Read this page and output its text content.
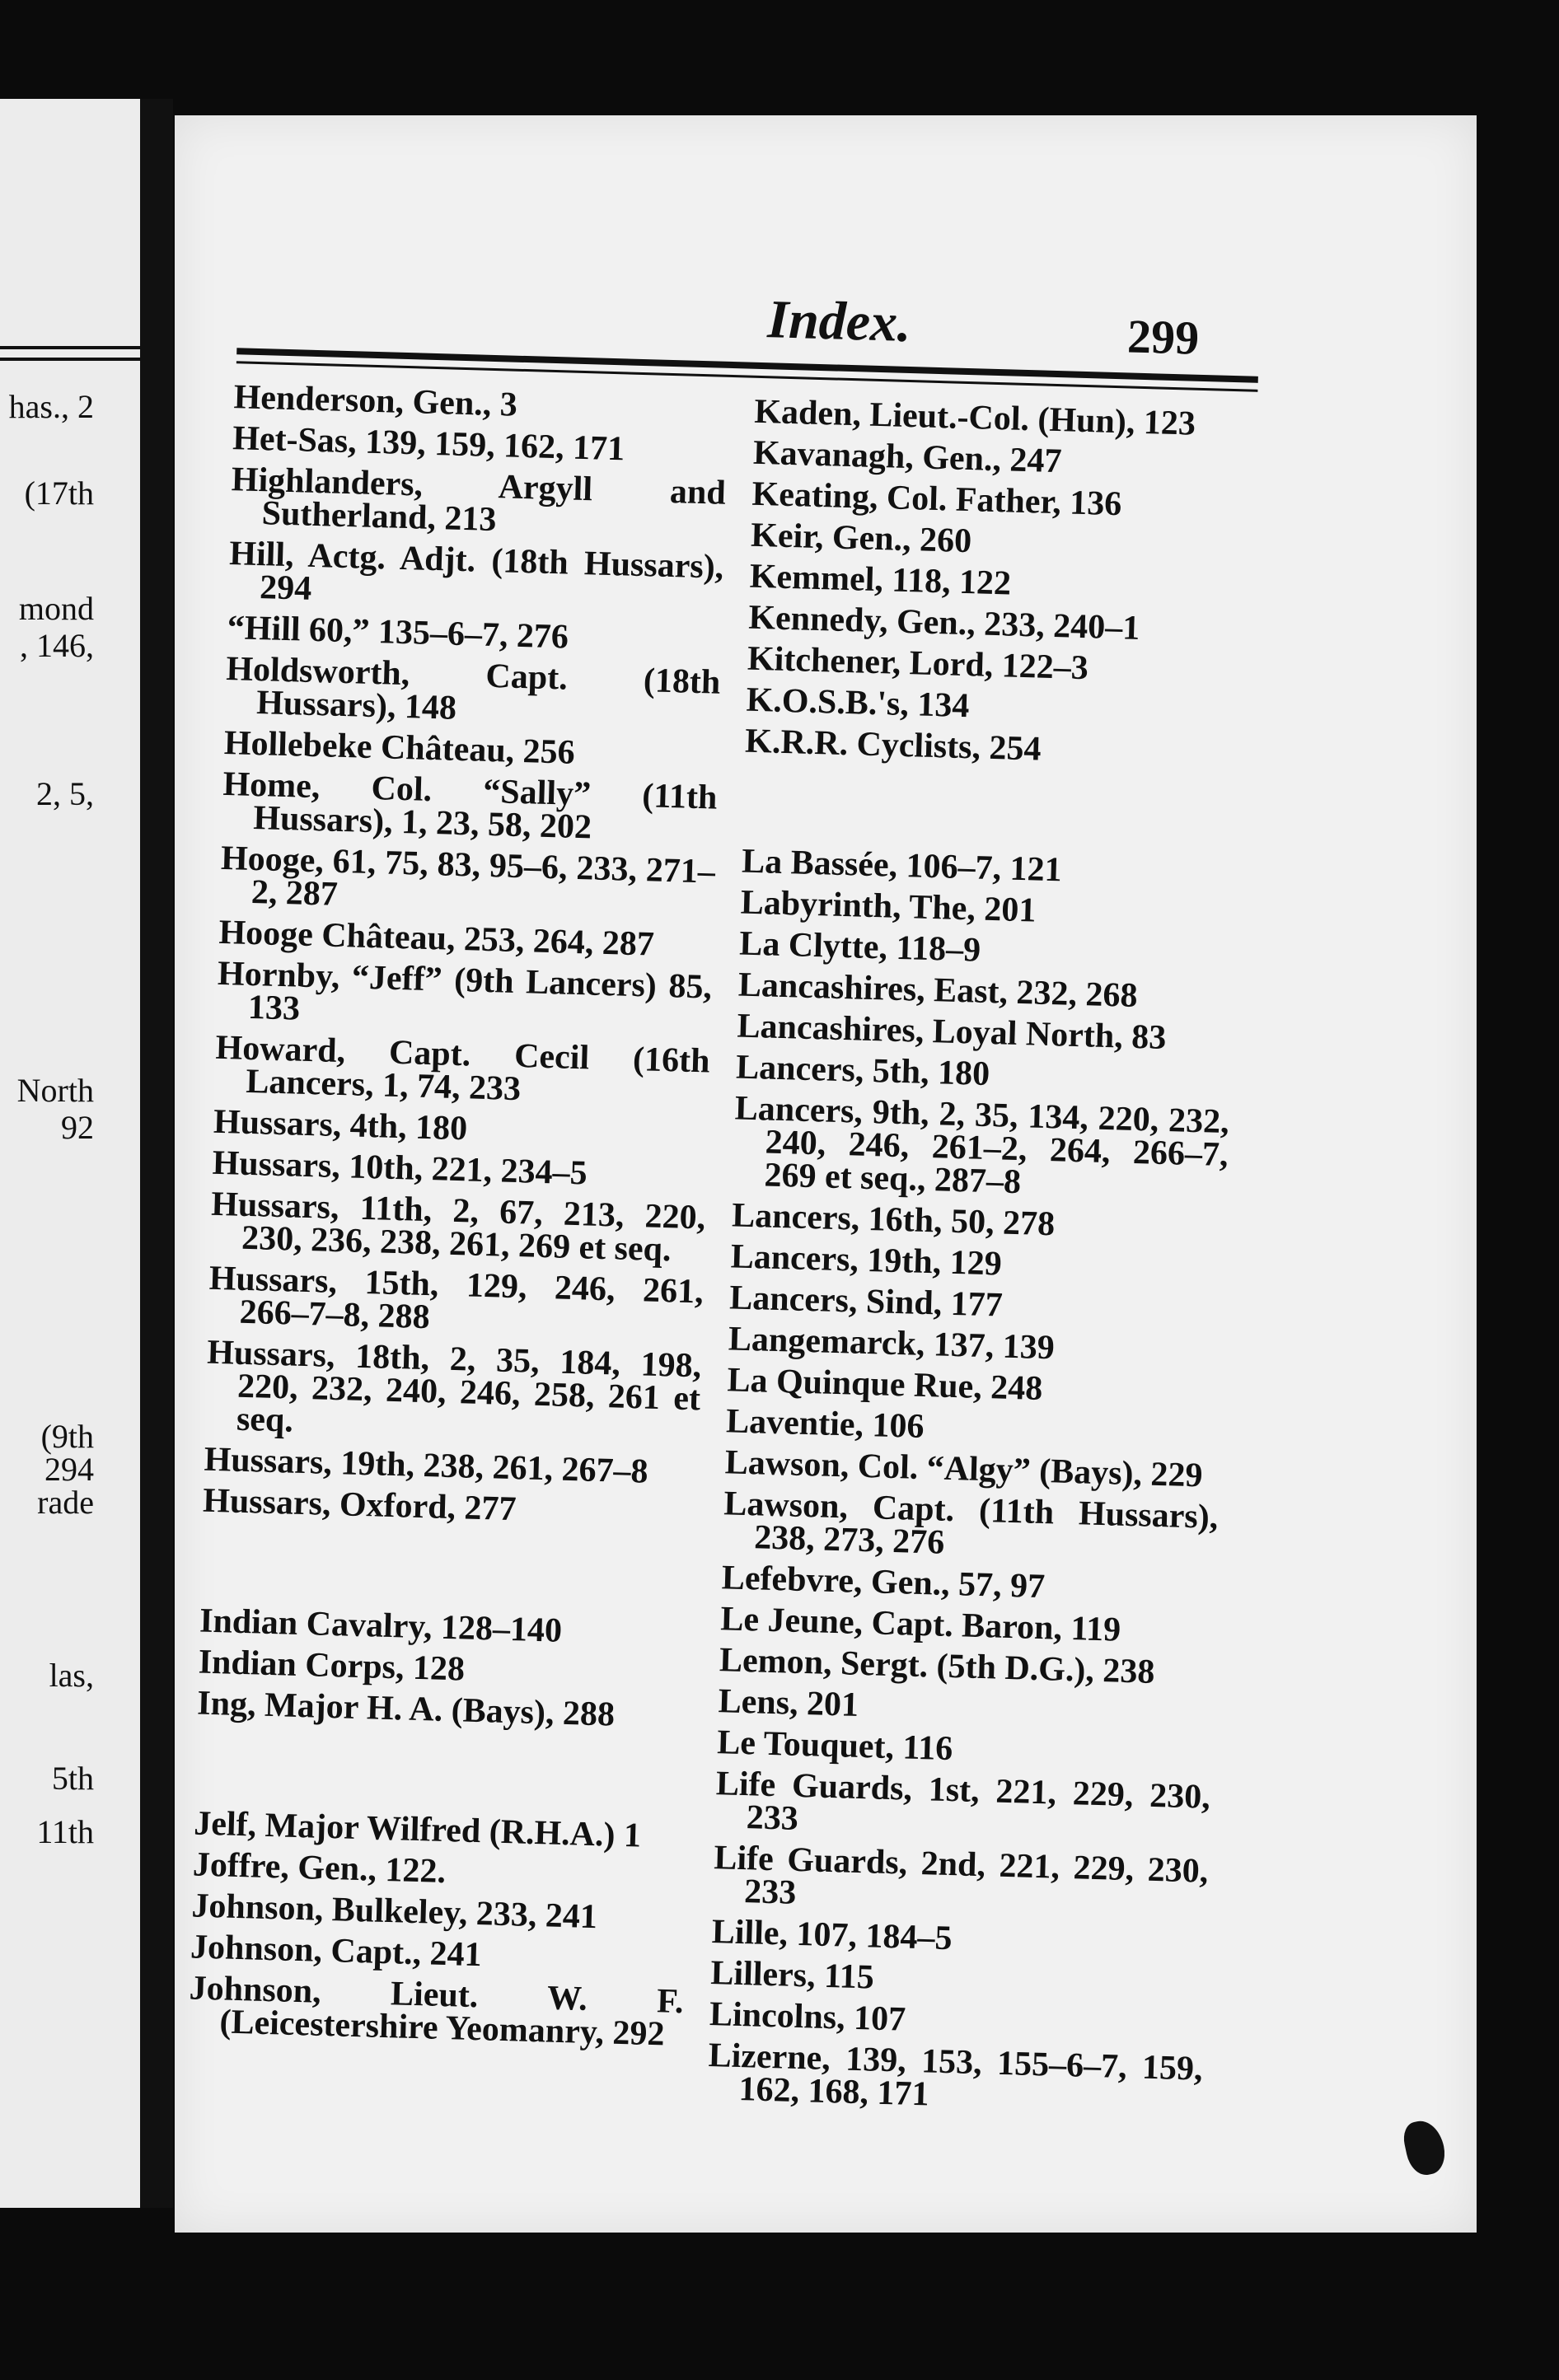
has., 2
(17th
mond
, 146,
2, 5,
North
92
(9th
294
rade
las,
5th
11th
Index.	299
Henderson, Gen., 3
Het-Sas, 139, 159, 162, 171
Highlanders, Argyll and Sutherland, 213
Hill, Actg. Adjt. (18th Hussars), 294
“Hill 60,” 135–6–7, 276
Holdsworth, Capt. (18th Hussars), 148
Hollebeke Château, 256
Home, Col. “Sally” (11th Hussars), 1, 23, 58, 202
Hooge, 61, 75, 83, 95–6, 233, 271–2, 287
Hooge Château, 253, 264, 287
Hornby, “Jeff” (9th Lancers) 85, 133
Howard, Capt. Cecil (16th Lancers, 1, 74, 233
Hussars, 4th, 180
Hussars, 10th, 221, 234–5
Hussars, 11th, 2, 67, 213, 220, 230, 236, 238, 261, 269 et seq.
Hussars, 15th, 129, 246, 261, 266–7–8, 288
Hussars, 18th, 2, 35, 184, 198, 220, 232, 240, 246, 258, 261 et seq.
Hussars, 19th, 238, 261, 267–8
Hussars, Oxford, 277
Indian Cavalry, 128–140
Indian Corps, 128
Ing, Major H. A. (Bays), 288
Jelf, Major Wilfred (R.H.A.) 1
Joffre, Gen., 122.
Johnson, Bulkeley, 233, 241
Johnson, Capt., 241
Johnson, Lieut. W. F. (Leicestershire Yeomanry, 292
Kaden, Lieut.-Col. (Hun), 123
Kavanagh, Gen., 247
Keating, Col. Father, 136
Keir, Gen., 260
Kemmel, 118, 122
Kennedy, Gen., 233, 240–1
Kitchener, Lord, 122–3
K.O.S.B.'s, 134
K.R.R. Cyclists, 254
La Bassée, 106–7, 121
Labyrinth, The, 201
La Clytte, 118–9
Lancashires, East, 232, 268
Lancashires, Loyal North, 83
Lancers, 5th, 180
Lancers, 9th, 2, 35, 134, 220, 232, 240, 246, 261–2, 264, 266–7, 269 et seq., 287–8
Lancers, 16th, 50, 278
Lancers, 19th, 129
Lancers, Sind, 177
Langemarck, 137, 139
La Quinque Rue, 248
Laventie, 106
Lawson, Col. “Algy” (Bays), 229
Lawson, Capt. (11th Hussars), 238, 273, 276
Lefebvre, Gen., 57, 97
Le Jeune, Capt. Baron, 119
Lemon, Sergt. (5th D.G.), 238
Lens, 201
Le Touquet, 116
Life Guards, 1st, 221, 229, 230, 233
Life Guards, 2nd, 221, 229, 230, 233
Lille, 107, 184–5
Lillers, 115
Lincolns, 107
Lizerne, 139, 153, 155–6–7, 159, 162, 168, 171
